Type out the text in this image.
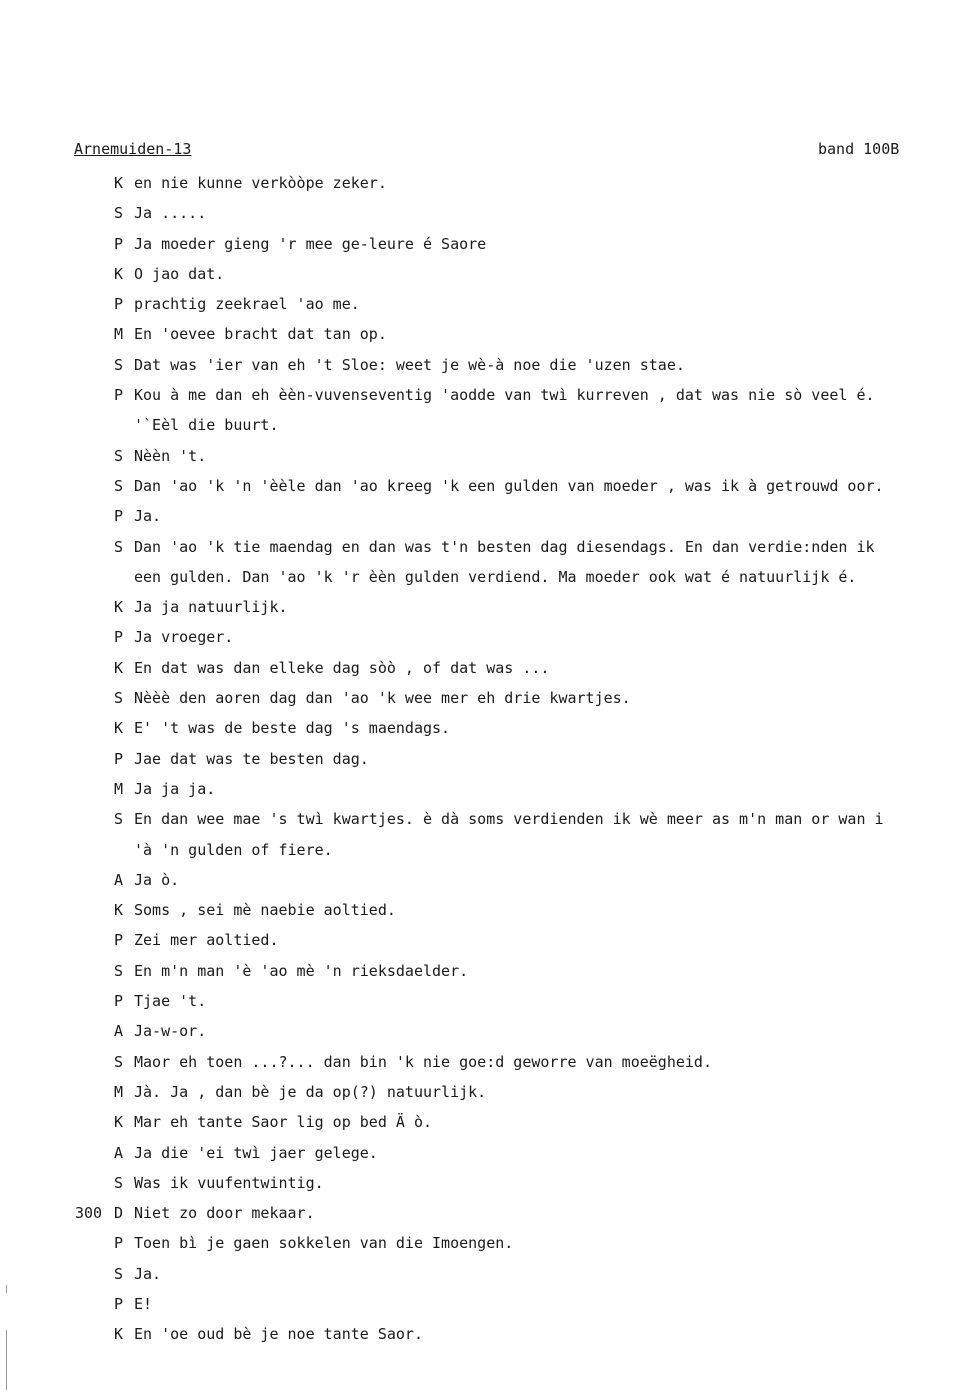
Arnemuiden-13	band 100B
K en nie kunne verkòòpe zeker.
S Ja .....
P Ja moeder gieng 'r mee ge-leure é Saore
K O jao dat.
P prachtig zeekrael 'ao me.
M En 'oevee bracht dat tan op.
S Dat was 'ier van eh 't Sloe: weet je wè-à noe die 'uzen stae.
P Kou à me dan eh èèn-vuvenseventig 'aodde van twì kurreven , dat was nie sò veel é.
'`Eèl die buurt.
S Nèèn 't.
S Dan 'ao 'k 'n 'èèle dan 'ao kreeg 'k een gulden van moeder , was ik à getrouwd oor.
P Ja.
S Dan 'ao 'k tie maendag en dan was t'n besten dag diesendags. En dan verdie:nden ik
een gulden. Dan 'ao 'k 'r èèn gulden verdiend. Ma moeder ook wat é natuurlijk é.
K Ja ja natuurlijk.
P Ja vroeger.
K En dat was dan elleke dag sòò , of dat was ...
S Nèèè den aoren dag dan 'ao 'k wee mer eh drie kwartjes.
K E' 't was de beste dag 's maendags.
P Jae dat was te besten dag.
M Ja ja ja.
S En dan wee mae 's twì kwartjes. è dà soms verdienden ik wè meer as m'n man or wan i
'à 'n gulden of fiere.
A Ja ò.
K Soms , sei mè naebie aoltied.
P Zei mer aoltied.
S En m'n man 'è 'ao mè 'n rieksdaelder.
P Tjae 't.
A Ja-w-or.
S Maor eh toen ...?... dan bin 'k nie goe:d geworre van moeëgheid.
M Jà. Ja , dan bè je da op(?) natuurlijk.
K Mar eh tante Saor lig op bed Ä ò.
A Ja die 'ei twì jaer gelege.
S Was ik vuufentwintig.
300 D Niet zo door mekaar.
P Toen bì je gaen sokkelen van die Imoengen.
S Ja.
P E!
K En 'oe oud bè je noe tante Saor.
